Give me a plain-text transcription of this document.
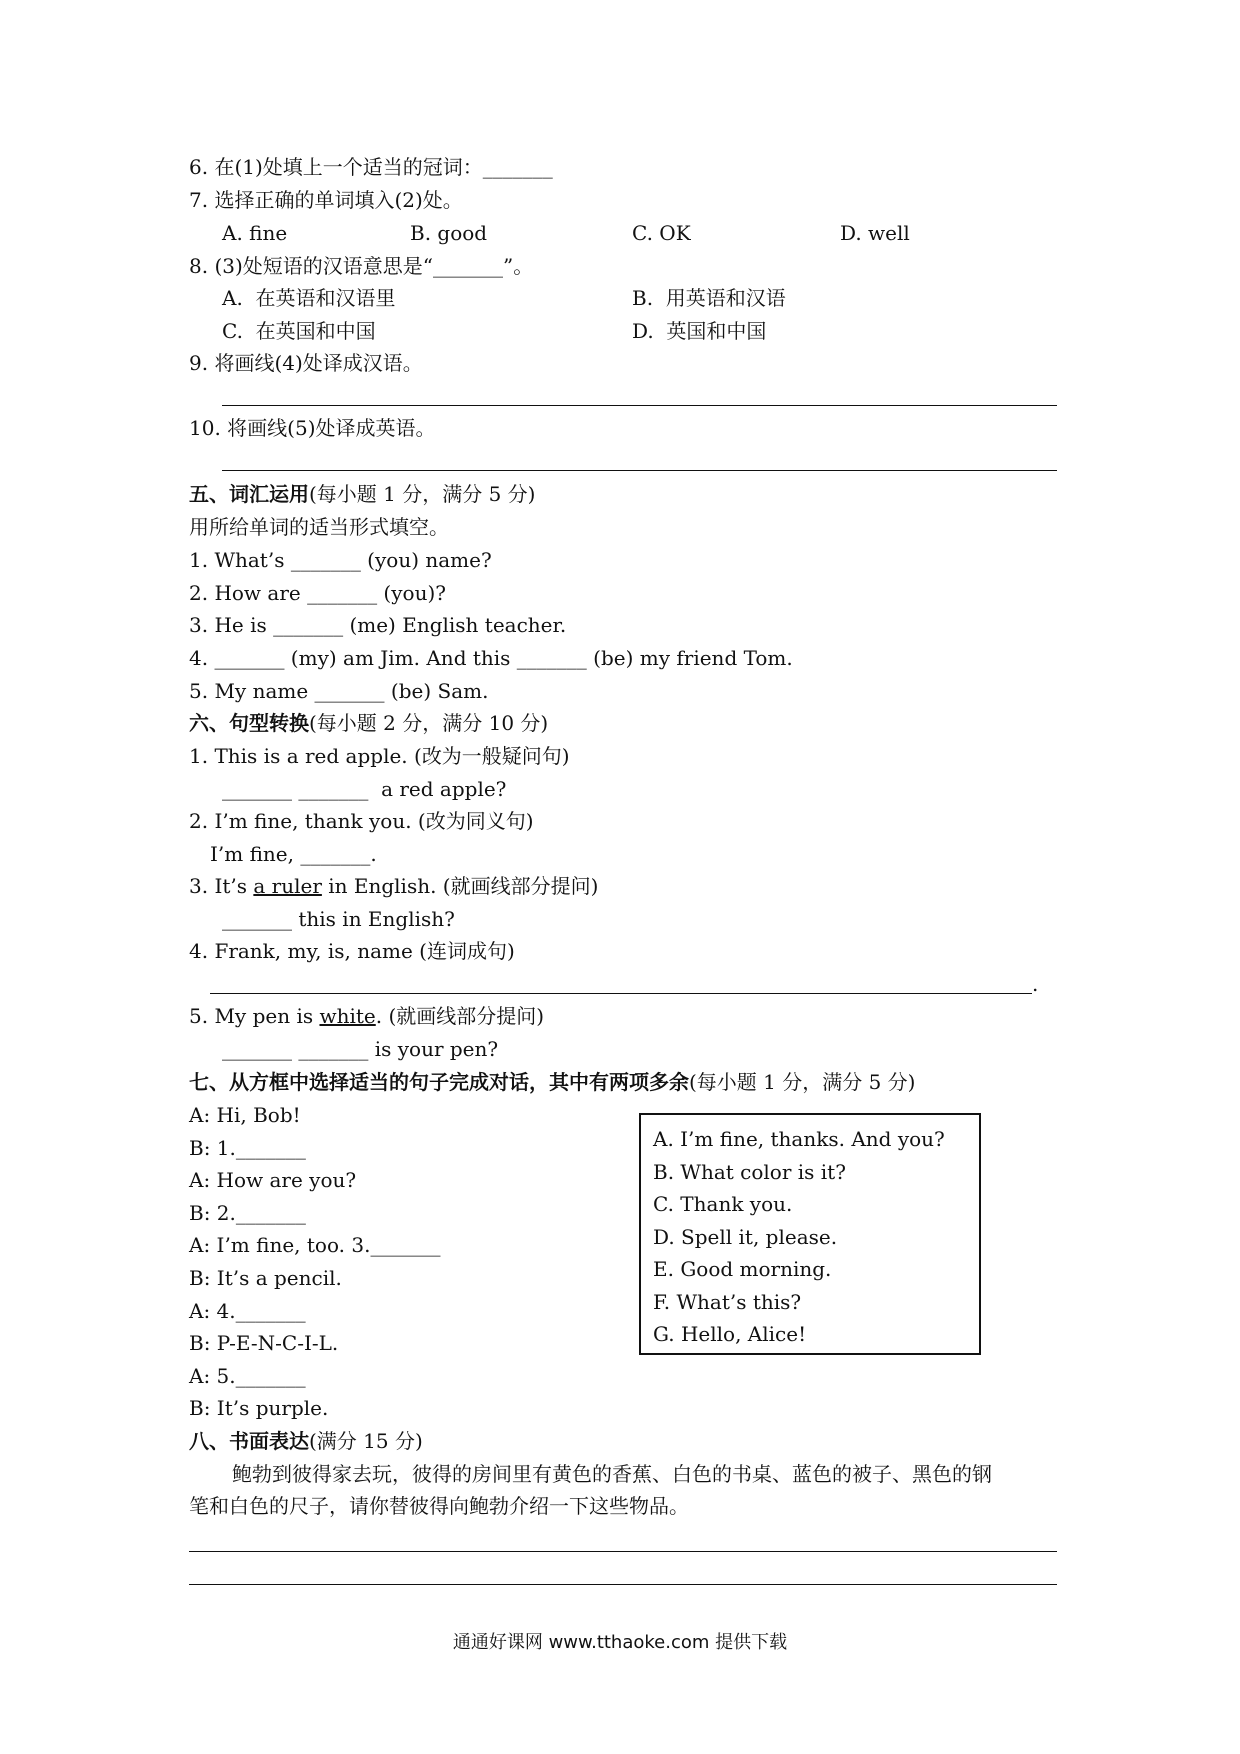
6. 在(1)处填上一个适当的冠词：_______
7. 选择正确的单词填入(2)处。
A. fine	B. good	C. OK	D. well
8. (3)处短语的汉语意思是“_______”。
A.  在英语和汉语里	B.  用英语和汉语
C.  在英国和中国	D.  英国和中国
9. 将画线(4)处译成汉语。
10. 将画线(5)处译成英语。
五、词汇运用(每小题 1 分，满分 5 分)
用所给单词的适当形式填空。
1. What’s _______ (you) name?
2. How are _______ (you)?
3. He is _______ (me) English teacher.
4. _______ (my) am Jim. And this _______ (be) my friend Tom.
5. My name _______ (be) Sam.
六、句型转换(每小题 2 分，满分 10 分)
1. This is a red apple. (改为一般疑问句)
_______ _______  a red apple?
2. I’m fine, thank you. (改为同义句)
I’m fine, _______.
3. It’s a ruler in English. (就画线部分提问)
_______ this in English?
4. Frank, my, is, name (连词成句)
.
5. My pen is white. (就画线部分提问)
_______ _______ is your pen?
七、从方框中选择适当的句子完成对话，其中有两项多余(每小题 1 分，满分 5 分)
A: Hi, Bob!
B: 1._______
A: How are you?
B: 2._______
A: I’m fine, too. 3._______
B: It’s a pencil.
A: 4._______
B: P-E-N-C-I-L.
A: 5._______
B: It’s purple.
A. I’m fine, thanks. And you?
B. What color is it?
C. Thank you.
D. Spell it, please.
E. Good morning.
F. What’s this?
G. Hello, Alice!
八、书面表达(满分 15 分)
鲍勃到彼得家去玩，彼得的房间里有黄色的香蕉、白色的书桌、蓝色的被子、黑色的钢
笔和白色的尺子，请你替彼得向鲍勃介绍一下这些物品。
通通好课网 www.tthaoke.com 提供下载
